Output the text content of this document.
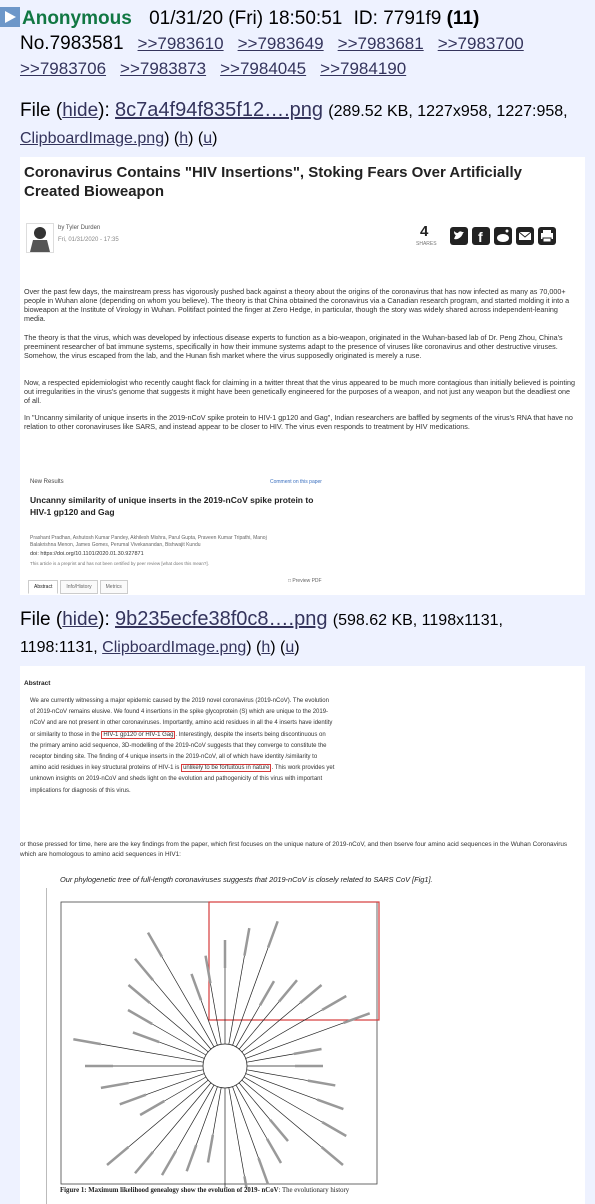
Anonymous 01/31/20 (Fri) 18:50:51 ID: 7791f9 (11)
No.7983581 >>7983610 >>7983649 >>7983681 >>7983700
>>7983706 >>7983873 >>7984045 >>7984190
File (hide): 8c7a4f94f835f12….png (289.52 KB, 1227x958, 1227:958, ClipboardImage.png) (h) (u)
Coronavirus Contains "HIV Insertions", Stoking Fears Over Artificially Created Bioweapon
by Tyler Durden
Fri, 01/31/2020 - 17:35	4
SHARES	f
Over the past few days, the mainstream press has vigorously pushed back against a theory about the origins of the coronavirus that has now infected as many as 70,000+ people in Wuhan alone (depending on whom you believe). The theory is that China obtained the coronavirus via a Canadian research program, and started molding it into a bioweapon at the Institute of Virology in Wuhan. Politifact pointed the finger at Zero Hedge, in particular, though the story was widely shared across independent-leaning media.
The theory is that the virus, which was developed by infectious disease experts to function as a bio-weapon, originated in the Wuhan-based lab of Dr. Peng Zhou, China's preeminent researcher of bat immune systems, specifically in how their immune systems adapt to the presence of viruses like coronavirus and other destructive viruses. Somehow, the virus escaped from the lab, and the Hunan fish market where the virus supposedly originated is merely a ruse.
Now, a respected epidemiologist who recently caught flack for claiming in a twitter threat that the virus appeared to be much more contagious than initially believed is pointing out irregularities in the virus's genome that suggests it might have been genetically engineered for the purposes of a weapon, and not just any weapon but the deadliest one of all.
In "Uncanny similarity of unique inserts in the 2019-nCoV spike protein to HIV-1 gp120 and Gag", Indian researchers are baffled by segments of the virus's RNA that have no relation to other coronaviruses like SARS, and instead appear to be closer to HIV. The virus even responds to treatment by HIV medications.
New Results	Comment on this paper
Uncanny similarity of unique inserts in the 2019-nCoV spike protein to HIV-1 gp120 and Gag
Prashant Pradhan, Ashutosh Kumar Pandey, Akhilesh Mishra, Parul Gupta, Praveen Kumar Tripathi, Manoj Balakrishna Menon, James Gomes, Perumal Vivekanandan, Bishwajit Kundu
doi: https://doi.org/10.1101/2020.01.30.927871
This article is a preprint and has not been certified by peer review [what does this mean?].
Abstract	Info/History	Metrics
□ Preview PDF
File (hide): 9b235ecfe38f0c8….png (598.62 KB, 1198x1131, 1198:1131, ClipboardImage.png) (h) (u)
Abstract
We are currently witnessing a major epidemic caused by the 2019 novel coronavirus (2019-nCoV). The evolution of 2019-nCoV remains elusive. We found 4 insertions in the spike glycoprotein (S) which are unique to the 2019-nCoV and are not present in other coronaviruses. Importantly, amino acid residues in all the 4 inserts have identity or similarity to those in the HIV-1 gp120 or HIV-1 Gag . Interestingly, despite the inserts being discontinuous on the primary amino acid sequence, 3D-modelling of the 2019-nCoV suggests that they converge to constitute the receptor binding site. The finding of 4 unique inserts in the 2019-nCoV, all of which have identity /similarity to amino acid residues in key structural proteins of HIV-1 is unlikely to be fortuitous in nature . This work provides yet unknown insights on 2019-nCoV and sheds light on the evolution and pathogenicity of this virus with important implications for diagnosis of this virus.
or those pressed for time, here are the key findings from the paper, which first focuses on the unique nature of 2019-nCoV, and then bserve four amino acid sequences in the Wuhan Coronavirus which are homologous to amino acid sequences in HIV1:
Our phylogenetic tree of full-length coronaviruses suggests that 2019-nCoV is closely related to SARS CoV [Fig1].
Figure 1: Maximum likelihood genealogy show the evolution of 2019- nCoV: The evolutionary history
